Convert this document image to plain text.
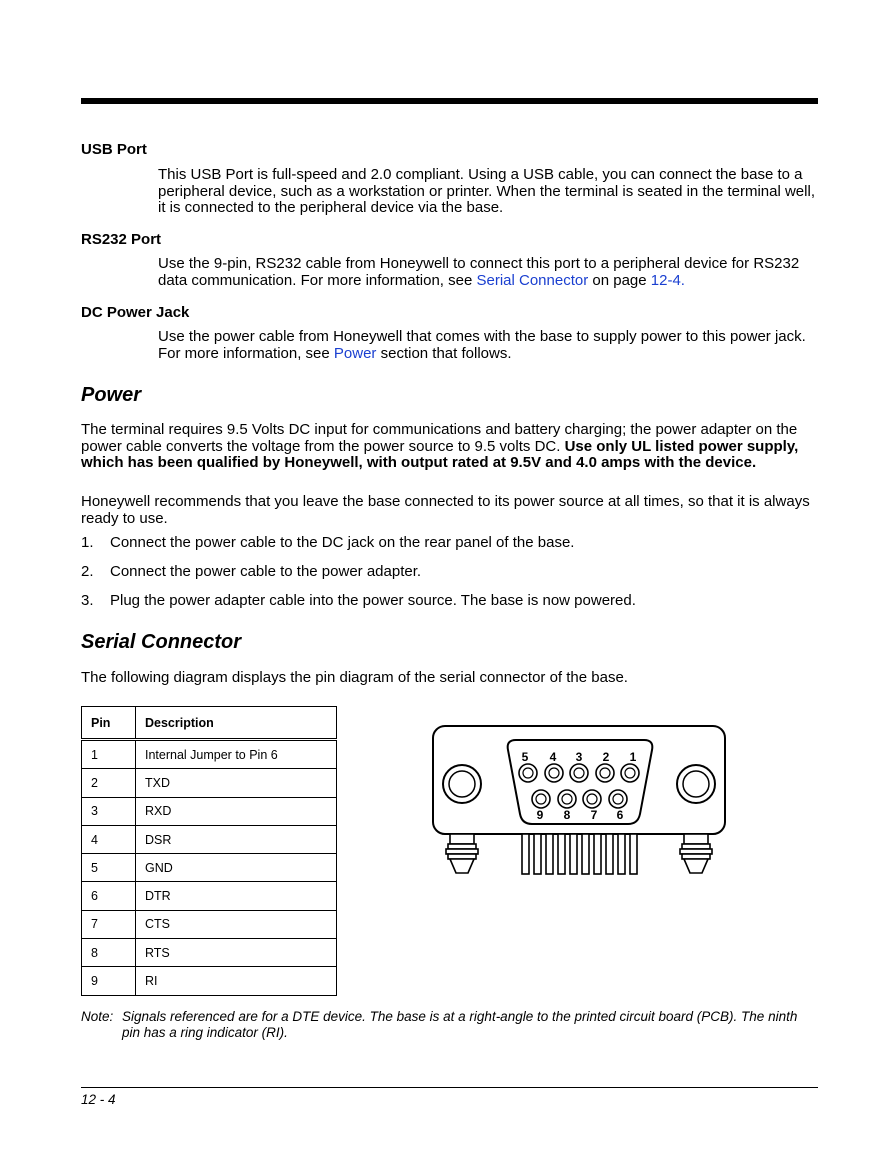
USB Port

This USB Port is full-speed and 2.0 compliant. Using a USB cable, you can connect the base to a peripheral device, such as a workstation or printer. When the terminal is seated in the terminal well, it is connected to the peripheral device via the base.

RS232 Port

Use the 9-pin, RS232 cable from Honeywell to connect this port to a peripheral device for RS232 data communication. For more information, see Serial Connector on page 12-4.

DC Power Jack

Use the power cable from Honeywell that comes with the base to supply power to this power jack. For more information, see Power section that follows.

Power

The terminal requires 9.5 Volts DC input for communications and battery charging; the power adapter on the power cable converts the voltage from the power source to 9.5 volts DC. Use only UL listed power supply, which has been qualified by Honeywell, with output rated at 9.5V and 4.0 amps with the device.

Honeywell recommends that you leave the base connected to its power source at all times, so that it is always ready to use.

1. Connect the power cable to the DC jack on the rear panel of the base.

2. Connect the power cable to the power adapter.

3. Plug the power adapter cable into the power source. The base is now powered.

Serial Connector

The following diagram displays the pin diagram of the serial connector of the base.

Pin	Description
1	Internal Jumper to Pin 6
2	TXD
3	RXD
4	DSR
5	GND
6	DTR
7	CTS
8	RTS
9	RI
5 4 3 2 1
9 8 7 6
Note: Signals referenced are for a DTE device. The base is at a right-angle to the printed circuit board (PCB). The ninth pin has a ring indicator (RI).

12 - 4
